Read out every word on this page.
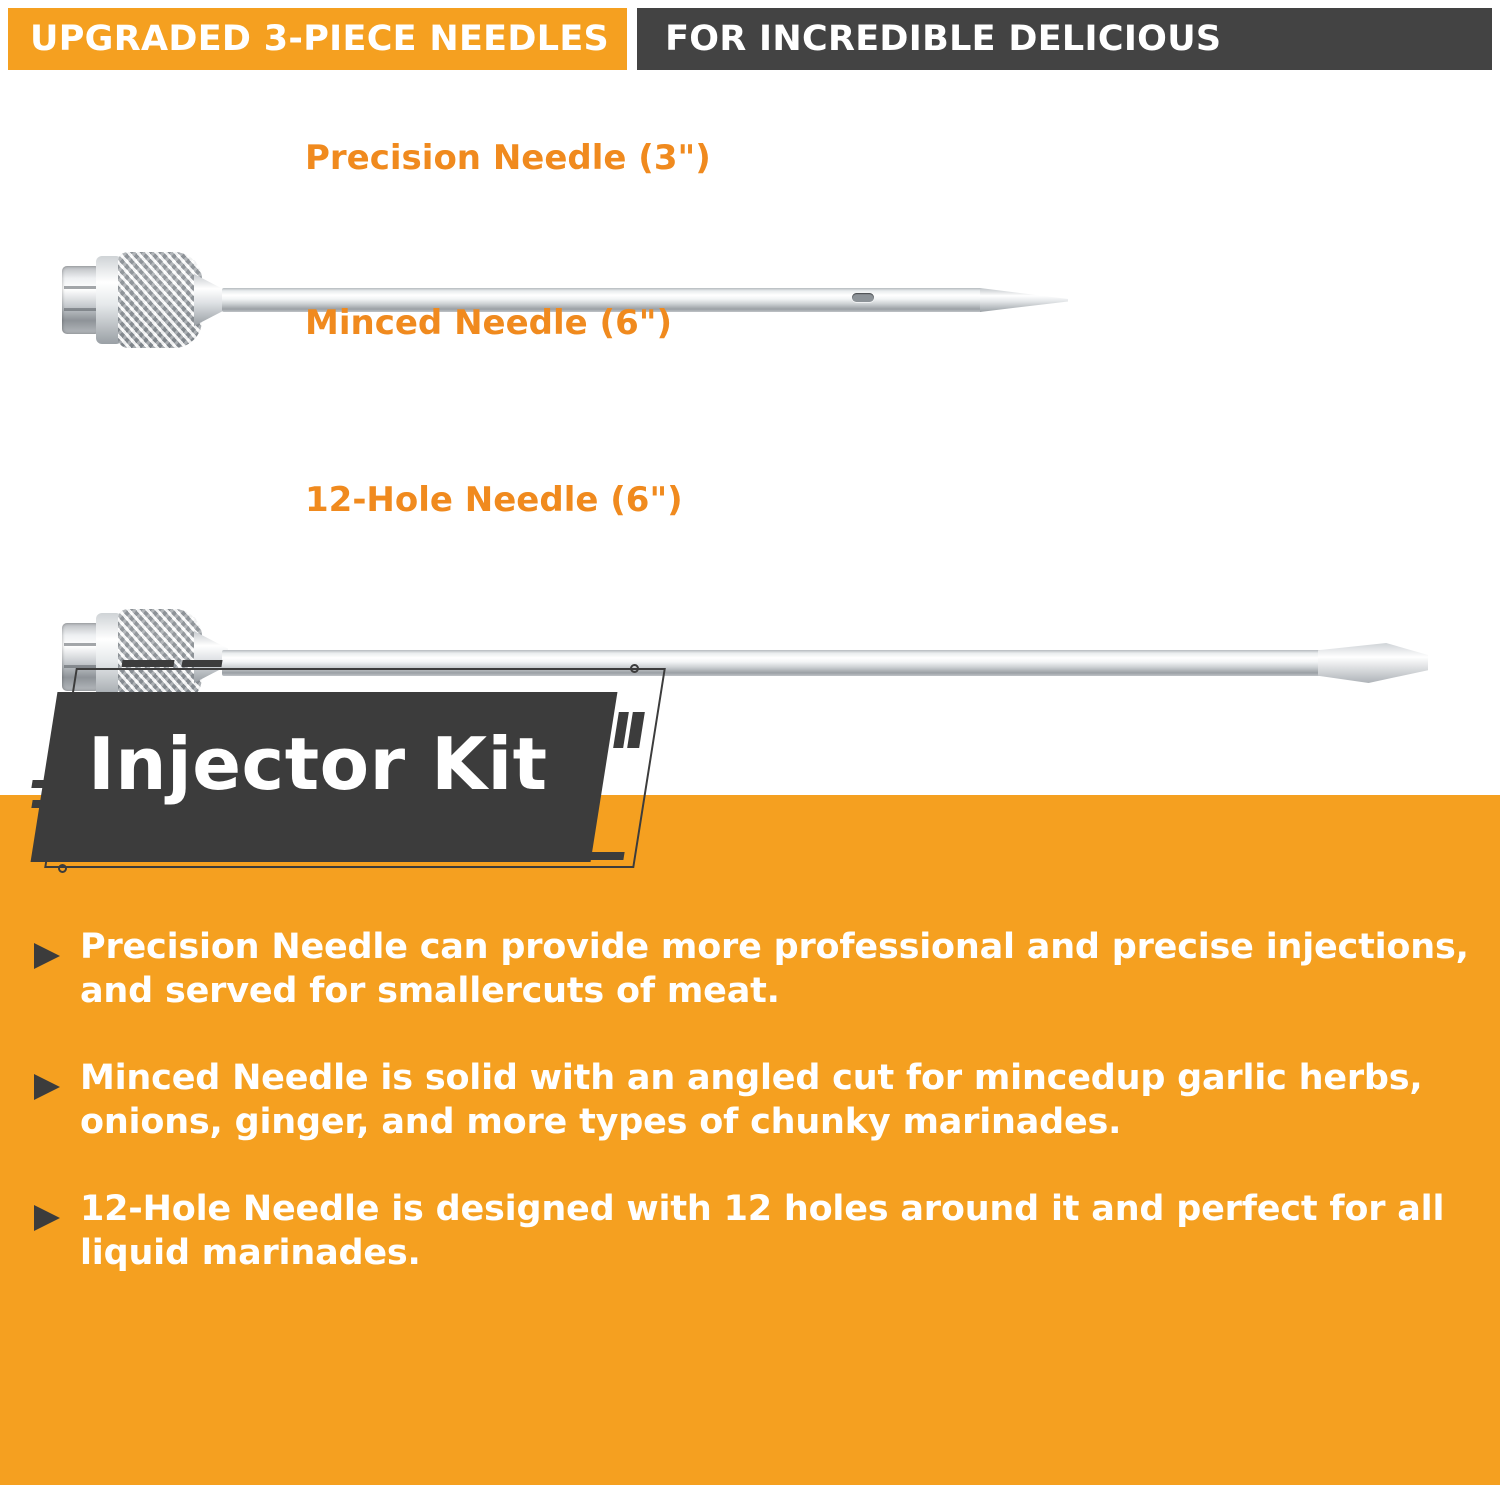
UPGRADED 3-PIECE NEEDLES	FOR INCREDIBLE DELICIOUS
Precision Needle (3")
Minced Needle (6")
12-Hole Needle (6")
Injector Kit
Precision Needle can provide more professional and precise injections, and served for smallercuts of meat.
Minced Needle is solid with an angled cut for mincedup garlic herbs, onions, ginger, and more types of chunky marinades.
12-Hole Needle is designed with 12 holes around it and perfect for all liquid marinades.
